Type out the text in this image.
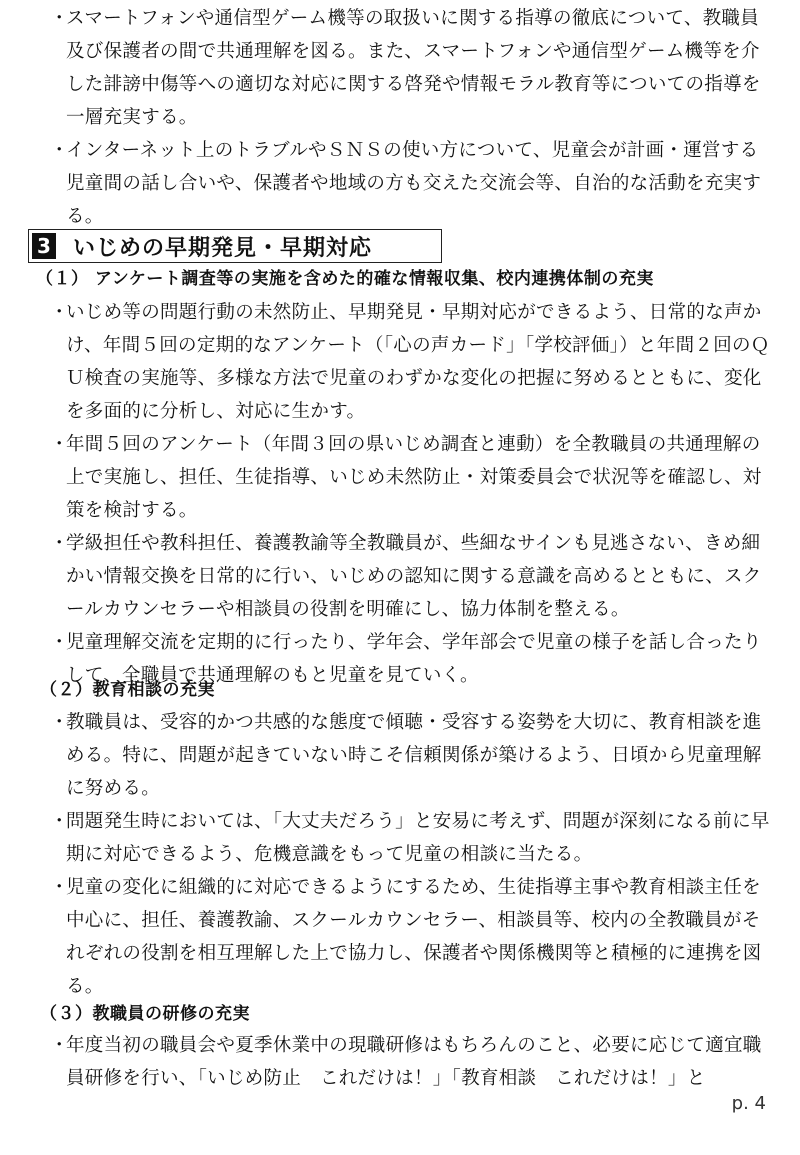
・
スマートフォンや通信型ゲーム機等の取扱いに関する指導の徹底について、教職員及び保護者の間で共通理解を図る。また、スマートフォンや通信型ゲーム機等を介した誹謗中傷等への適切な対応に関する啓発や情報モラル教育等についての指導を一層充実する。

・
インターネット上のトラブルやＳＮＳの使い方について、児童会が計画・運営する児童間の話し合いや、保護者や地域の方も交えた交流会等、自治的な活動を充実する。

3 いじめの早期発見・早期対応
（１） アンケート調査等の実施を含めた的確な情報収集、校内連携体制の充実

・
いじめ等の問題行動の未然防止、早期発見・早期対応ができるよう、日常的な声かけ、年間５回の定期的なアンケート（「心の声カード」「学校評価」）と年間２回のＱＵ検査の実施等、多様な方法で児童のわずかな変化の把握に努めるとともに、変化を多面的に分析し、対応に生かす。

・
年間５回のアンケート（年間３回の県いじめ調査と連動）を全教職員の共通理解の上で実施し、担任、生徒指導、いじめ未然防止・対策委員会で状況等を確認し、対策を検討する。

・
学級担任や教科担任、養護教諭等全教職員が、些細なサインも見逃さない、きめ細かい情報交換を日常的に行い、いじめの認知に関する意識を高めるとともに、スクールカウンセラーや相談員の役割を明確にし、協力体制を整える。

・
児童理解交流を定期的に行ったり、学年会、学年部会で児童の様子を話し合ったりして、全職員で共通理解のもと児童を見ていく。

（２）教育相談の充実

・
教職員は、受容的かつ共感的な態度で傾聴・受容する姿勢を大切に、教育相談を進める。特に、問題が起きていない時こそ信頼関係が築けるよう、日頃から児童理解に努める。

・
問題発生時においては、「大丈夫だろう」と安易に考えず、問題が深刻になる前に早期に対応できるよう、危機意識をもって児童の相談に当たる。

・
児童の変化に組織的に対応できるようにするため、生徒指導主事や教育相談主任を中心に、担任、養護教諭、スクールカウンセラー、相談員等、校内の全教職員がそれぞれの役割を相互理解した上で協力し、保護者や関係機関等と積極的に連携を図る。

（３）教職員の研修の充実

・
年度当初の職員会や夏季休業中の現職研修はもちろんのこと、必要に応じて適宜職員研修を行い、「いじめ防止　これだけは！」「教育相談　これだけは！」と

p. 4
